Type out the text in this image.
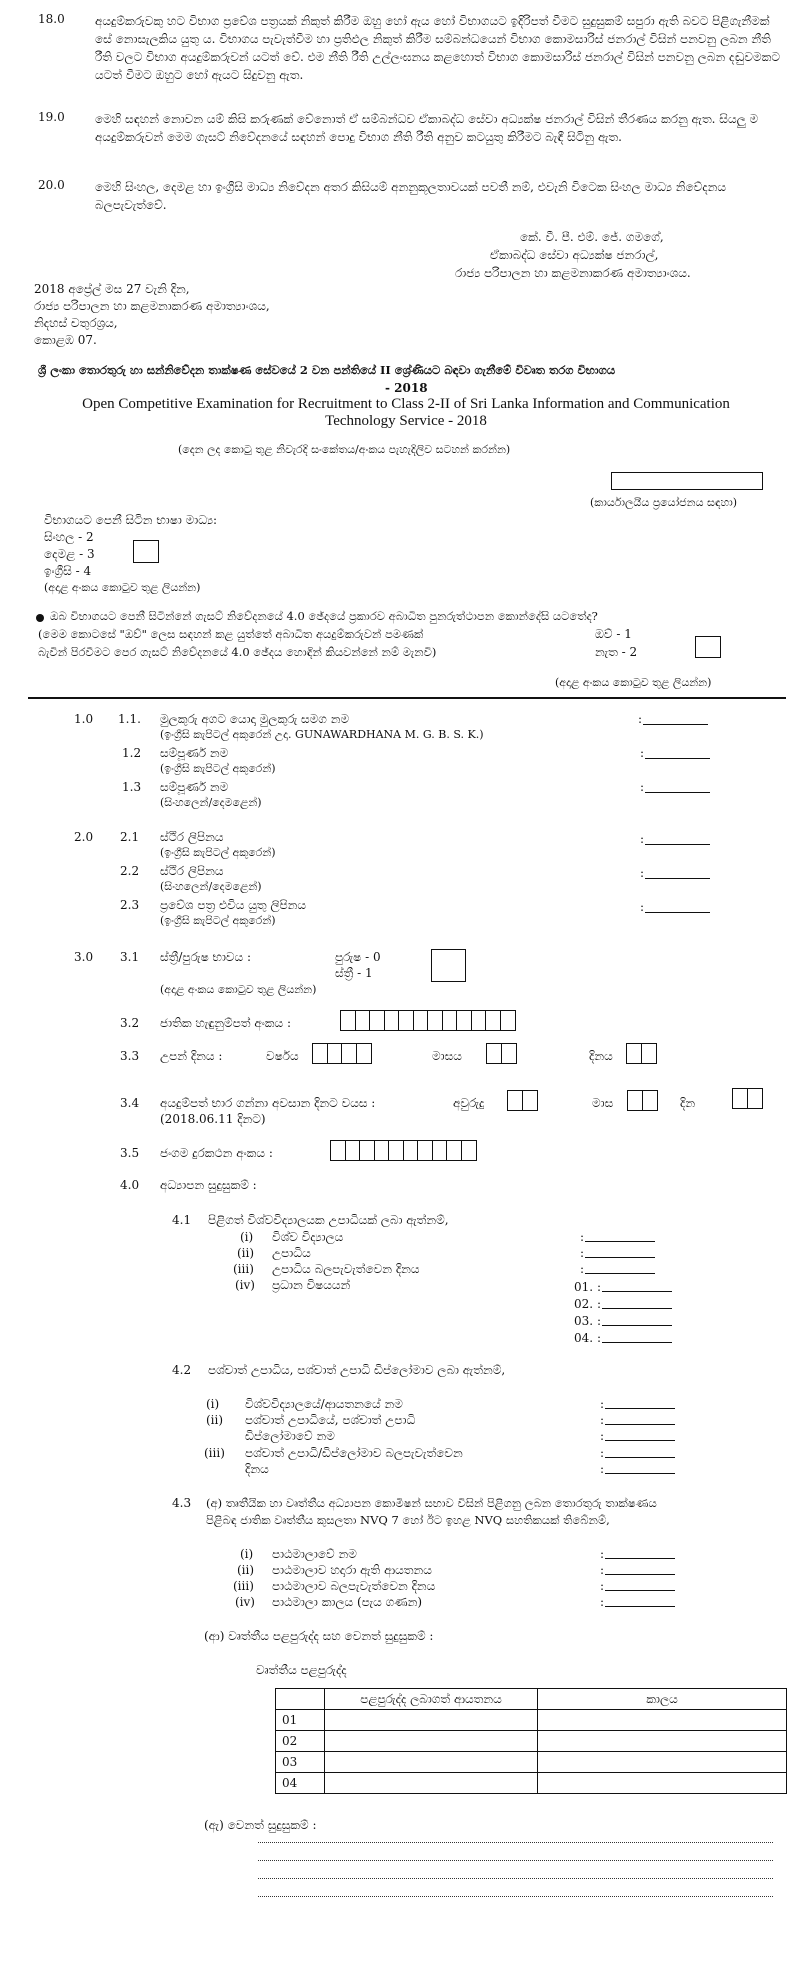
18.0	අයදුම්කරුවකු හට විභාග ප්‍රවේශ පත්‍රයක් නිකුත් කිරීම ඔහු හෝ ඇය හෝ විභාගයට ඉදිරිපත් වීමට සුදුසුකම් සපුරා ඇති බවට පිළිගැනීමක් සේ නොසැලකිය යුතු ය. විභාගය පැවැත්වීම හා ප්‍රතිඵල නිකුත් කිරීම සම්බන්ධයෙන් විභාග කොමසාරිස් ජනරාල් විසින් පනවනු ලබන නීති රීති වලට විභාග අයදුම්කරුවන් යටත් වේ. එම නීති රීති උල්ලංඝනය කළහොත් විභාග කොමසාරිස් ජනරාල් විසින් පනවනු ලබන දඬුවමකට යටත් වීමට ඔහුට හෝ ඇයට සිදුවනු ඇත.
19.0	මෙහි සඳහන් නොවන යම් කිසි කරුණක් වේනොත් ඒ සම්බන්ධව ඒකාබද්ධ සේවා අධ්‍යක්ෂ ජනරාල් විසින් තීරණය කරනු ඇත. සියලු ම අයදුම්කරුවන් මෙම ගැසට් නිවේදනයේ සඳහන් පොදු විභාග නීති රීති අනුව කටයුතු කිරීමට බැඳී සිටිනු ඇත.
20.0	මෙහි සිංහල, දෙමළ හා ඉංග්‍රීසි මාධ්‍ය නිවේදන අතර කිසියම් අනනුකූලතාවයක් පවතී නම්, එවැනි විටෙක සිංහල මාධ්‍ය නිවේදනය බලපැවැත්වේ.
කේ. වී. පී. එම්. ජේ. ගමගේ,
ඒකාබද්ධ සේවා අධ්‍යක්ෂ ජනරාල්,
රාජ්‍ය පරිපාලන හා කළමනාකරණ අමාත්‍යාංශය.
2018 අප්‍රේල් මස 27 වැනි දින,
රාජ්‍ය පරිපාලන හා කළමනාකරණ අමාත්‍යාංශය,
නිදහස් චතුරශ්‍රය,
කොළඹ 07.
ශ්‍රී ලංකා තොරතුරු හා සන්නිවේදන තාක්ෂණ සේවයේ 2 වන පන්තියේ II ශ්‍රේණියට බඳවා ගැනීමේ විවෘත තරග විභාගය
- 2018
Open Competitive Examination for Recruitment to Class 2-II of Sri Lanka Information and Communication
Technology Service - 2018
(දෙන ලද කොටු තුළ නිවැරදි සංකේතය/අංකය පැහැදිලිව සටහන් කරන්න)
(කාර්යාලයීය ප්‍රයෝජනය සඳහා)
විභාගයට පෙනී සිටින භාෂා මාධ්‍ය:
සිංහල - 2
දෙමළ - 3
ඉංග්‍රීසි - 4
(අදාළ අංකය කොටුව තුළ ලියන්න)
ඔබ විභාගයට පෙනී සිටින්නේ ගැසට් නිවේදනයේ 4.0 ඡේදයේ ප්‍රකාරව අබාධිත පුනරුත්ථාපන කොන්දේසි යටතේද?
(මෙම කොටසේ "ඔව්" ලෙස සඳහන් කළ යුත්තේ අබාධිත අයදුම්කරුවන් පමණක්
බැවින් පිරවීමට පෙර ගැසට් නිවේදනයේ 4.0 ඡේදය හොඳින් කියවන්නේ නම් මැනවි)
ඔව් - 1
නැත - 2
(අදාළ අංකය කොටුව තුළ ලියන්න)
1.0 1.1. මුලකුරු අගට යොදා මුලකුරු සමග නම
(ඉංග්‍රීසි කැපිටල් අකුරෙන් උදා. GUNAWARDHANA M. G. B. S. K.)
:
1.2 සම්පූර්ණ නම
(ඉංග්‍රීසි කැපිටල් අකුරෙන්)
:
1.3 සම්පූර්ණ නම
(සිංහලෙන්/දෙමළෙන්)
:
2.0 2.1 ස්ථිර ලිපිනය
(ඉංග්‍රීසි කැපිටල් අකුරෙන්)
:
2.2 ස්ථිර ලිපිනය
(සිංහලෙන්/දෙමළෙන්)
:
2.3 ප්‍රවේශ පත්‍ර එවිය යුතු ලිපිනය
(ඉංග්‍රීසි කැපිටල් අකුරෙන්)
:
3.0 3.1 ස්ත්‍රී/පුරුෂ භාවය :	පුරුෂ - 0
ස්ත්‍රී - 1
(අදාළ අංකය කොටුව තුළ ලියන්න)
3.2 ජාතික හැඳුනුම්පත් අංකය :
3.3 උපන් දිනය :	වර්ෂය	මාසය	දිනය
3.4 අයදුම්පත් භාර ගන්නා අවසාන දිනට වයස :
(2018.06.11 දිනට)
අවුරුදු	මාස	දින
3.5 ජංගම දුරකථන අංකය :
4.0 අධ්‍යාපන සුදුසුකම් :
4.1 පිළිගත් විශ්වවිද්‍යාලයක උපාධියක් ලබා ඇත්නම්,
(i) විශ්ව විද්‍යාලය	:
(ii) උපාධිය	:
(iii) උපාධිය බලපැවැත්වෙන දිනය	:
(iv) ප්‍රධාන විෂයයන්	01. :
02. :
03. :
04. :
4.2 පශ්චාත් උපාධිය, පශ්චාත් උපාධි ඩිප්ලෝමාව ලබා ඇත්නම්,
(i) විශ්වවිද්‍යාලයේ/ආයතනයේ නම	:
(ii) පශ්චාත් උපාධියේ, පශ්චාත් උපාධි	:
ඩිප්ලෝමාවේ නම	:
(iii) පශ්චාත් උපාධි/ඩිප්ලෝමාව බලපැවැත්වෙන	:
දිනය	:
4.3 (අ) තෘතීයික හා වෘත්තීය අධ්‍යාපන කොමිෂන් සභාව විසින් පිළිගනු ලබන තොරතුරු තාක්ෂණය
පිළිබඳ ජාතික වෘත්තීය කුසලතා NVQ 7 හෝ ඊට ඉහළ NVQ සහතිකයක් තිබේනම්,
(i) පාඨමාලාවේ නම	:
(ii) පාඨමාලාව හදාරා ඇති ආයතනය	:
(iii) පාඨමාලාව බලපැවැත්වෙන දිනය	:
(iv) පාඨමාලා කාලය (පැය ගණන)	:
(ආ) වෘත්තීය පළපුරුද්ද සහ වෙනත් සුදුසුකම් :
වෘත්තීය පළපුරුද්ද
	පළපුරුද්ද ලබාගත් ආයතනය	කාලය
01		
02		
03		
04		
(ඇ) වෙනත් සුදුසුකම් :
